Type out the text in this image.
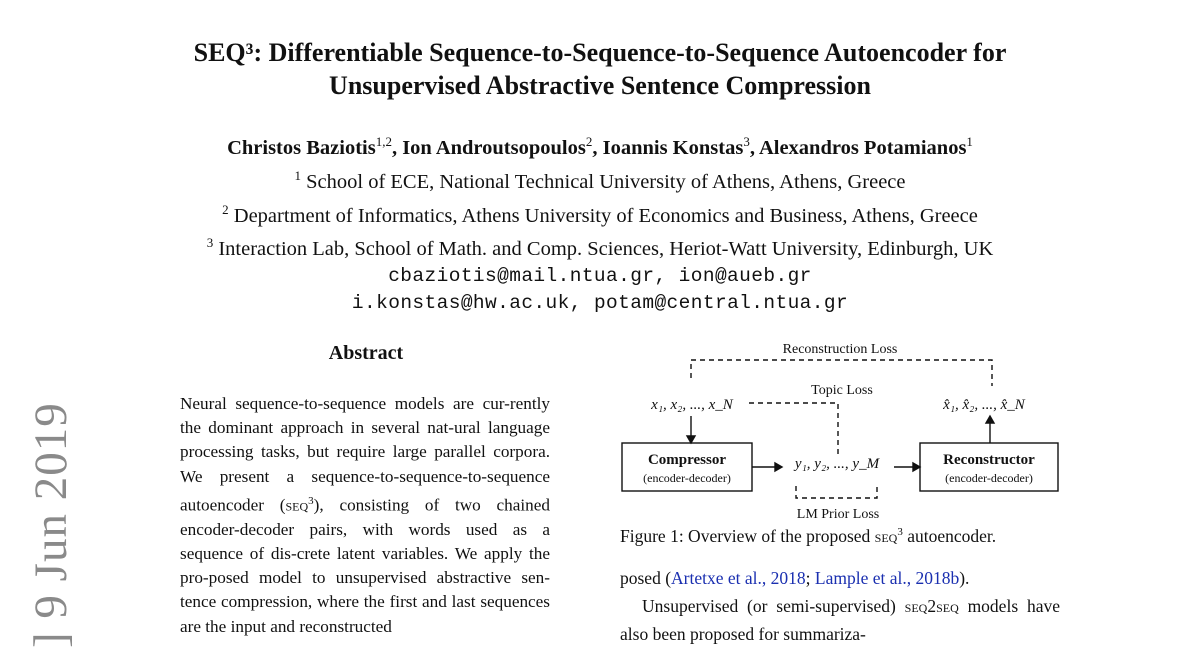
SEQ³: Differentiable Sequence-to-Sequence-to-Sequence Autoencoder for
Unsupervised Abstractive Sentence Compression
Christos Baziotis$^{1,2}$, Ion Androutsopoulos$^2$, Ioannis Konstas$^3$, Alexandros Potamianos$^1$
$^1$ School of ECE, National Technical University of Athens, Athens, Greece
$^2$ Department of Informatics, Athens University of Economics and Business, Athens, Greece
$^3$ Interaction Lab, School of Math. and Comp. Sciences, Heriot-Watt University, Edinburgh, UK
cbaziotis@mail.ntua.gr, ion@aueb.gr
i.konstas@hw.ac.uk, potam@central.ntua.gr
] 9 Jun 2019
Abstract
Neural sequence-to-sequence models are cur-rently the dominant approach in several nat-ural language processing tasks, but require large parallel corpora. We present a sequence-to-sequence-to-sequence autoencoder (seq$^3$), consisting of two chained encoder-decoder pairs, with words used as a sequence of dis-crete latent variables. We apply the pro-posed model to unsupervised abstractive sen-tence compression, where the first and last sequences are the input and reconstructed
Reconstruction Loss
Topic Loss
LM Prior Loss
x₁, x₂, ..., x_N
y₁, y₂, ..., y_M
x̂₁, x̂₂, ..., x̂_N
Compressor
(encoder-decoder)
Reconstructor
(encoder-decoder)
Figure 1: Overview of the proposed seq$^3$ autoencoder.

posed (Artetxe et al., 2018; Lample et al., 2018b).

Unsupervised (or semi-supervised) seq2seq models have also been proposed for summariza-
